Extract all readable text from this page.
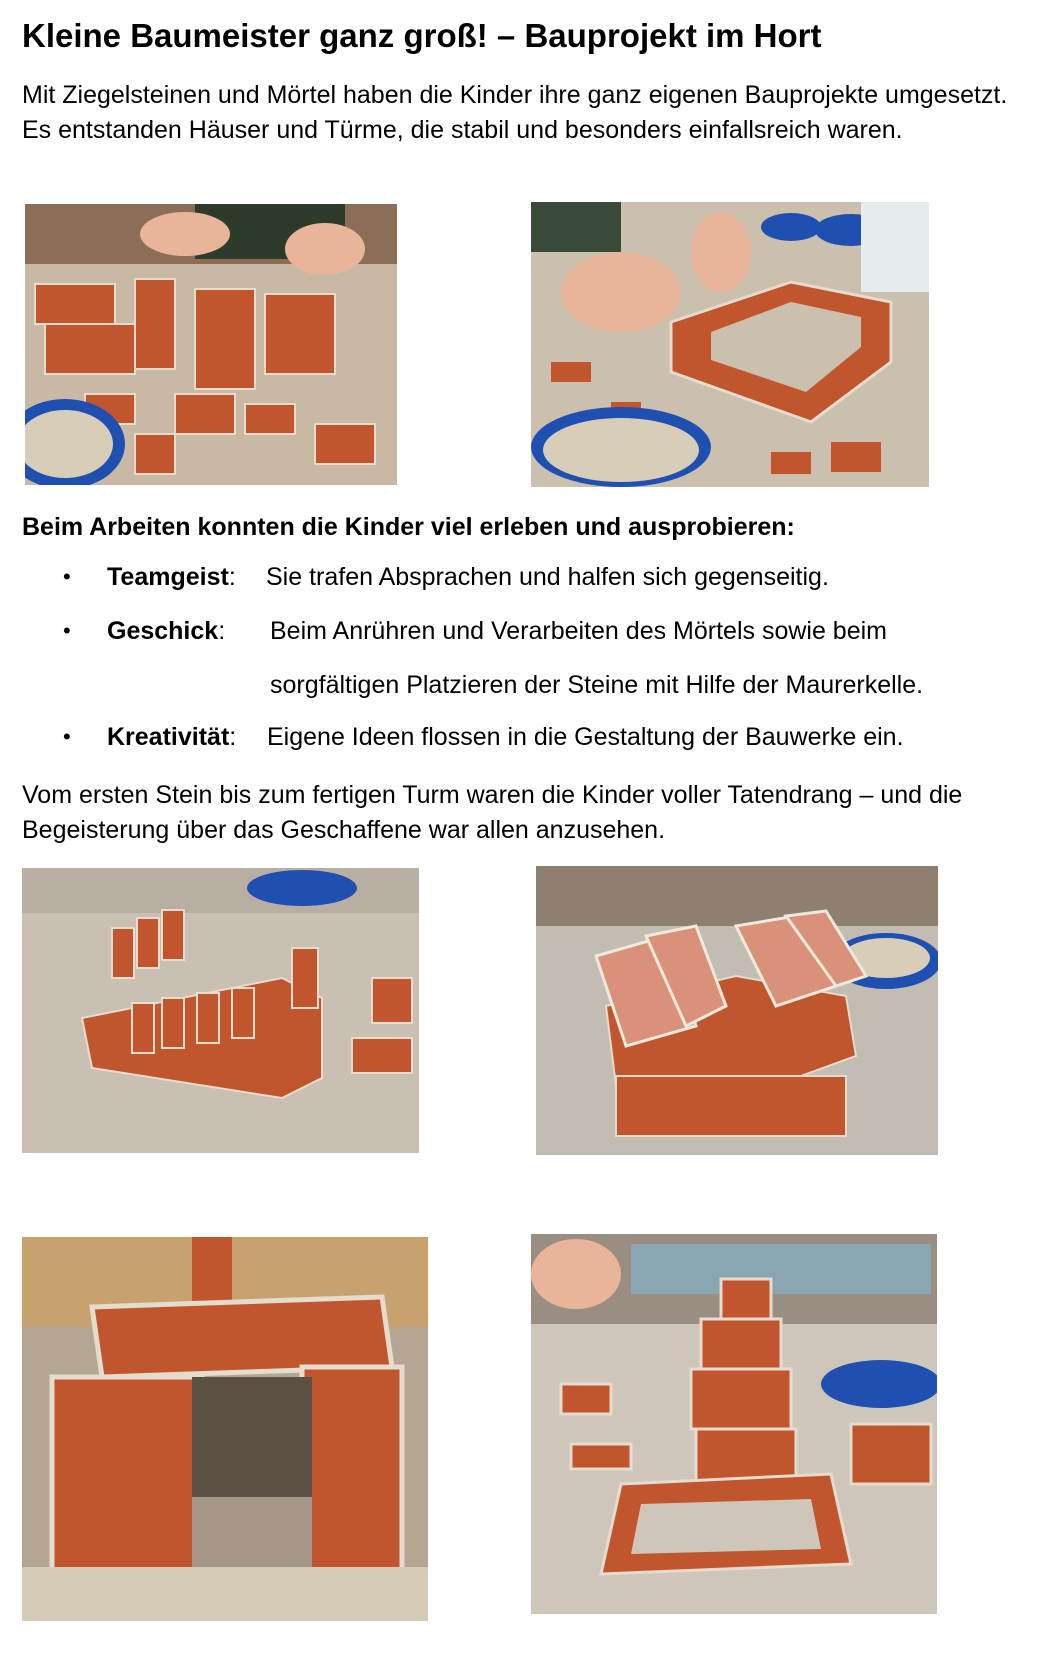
Kleine Baumeister ganz groß! – Bauprojekt im Hort

Mit Ziegelsteinen und Mörtel haben die Kinder ihre ganz eigenen Bauprojekte umgesetzt. Es entstanden Häuser und Türme, die stabil und besonders einfallsreich waren.

Beim Arbeiten konnten die Kinder viel erleben und ausprobieren:
• Teamgeist: Sie trafen Absprachen und halfen sich gegenseitig.
• Geschick: Beim Anrühren und Verarbeiten des Mörtels sowie beim
sorgfältigen Platzieren der Steine mit Hilfe der Maurerkelle.
• Kreativität: Eigene Ideen flossen in die Gestaltung der Bauwerke ein.

Vom ersten Stein bis zum fertigen Turm waren die Kinder voller Tatendrang – und die Begeisterung über das Geschaffene war allen anzusehen.
